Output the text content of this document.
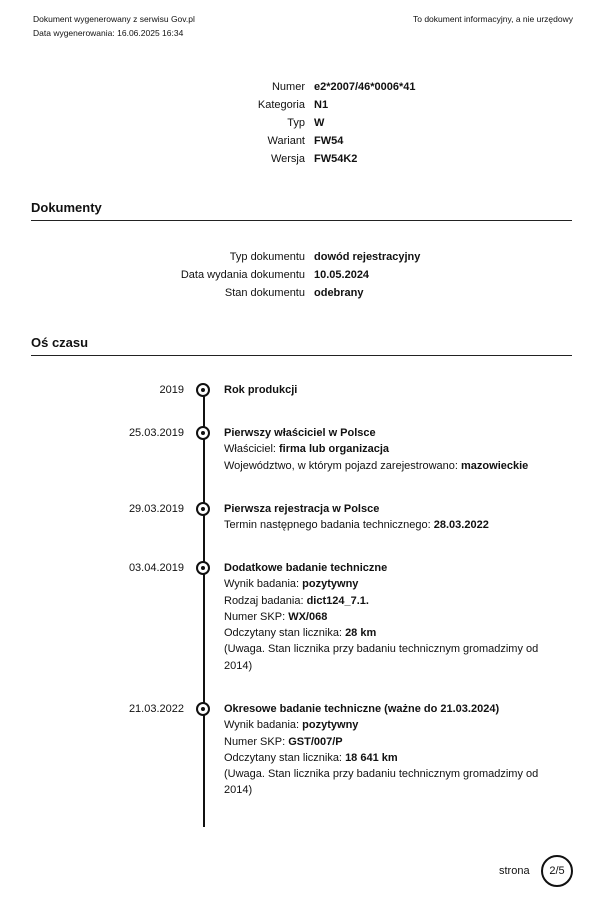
Dokument wygenerowany z serwisu Gov.pl
Data wygenerowania: 16.06.2025 16:34
To dokument informacyjny, a nie urzędowy
Numer e2*2007/46*0006*41
Kategoria N1
Typ W
Wariant FW54
Wersja FW54K2
Dokumenty
Typ dokumentu dowód rejestracyjny
Data wydania dokumentu 10.05.2024
Stan dokumentu odebrany
Oś czasu
2019	Rok produkcji
25.03.2019	Pierwszy właściciel w Polsce
Właściciel: firma lub organizacja
Województwo, w którym pojazd zarejestrowano: mazowieckie
29.03.2019	Pierwsza rejestracja w Polsce
Termin następnego badania technicznego: 28.03.2022
03.04.2019	Dodatkowe badanie techniczne
Wynik badania: pozytywny
Rodzaj badania: dict124_7.1.
Numer SKP: WX/068
Odczytany stan licznika: 28 km
(Uwaga. Stan licznika przy badaniu technicznym gromadzimy od 2014)
21.03.2022	Okresowe badanie techniczne (ważne do 21.03.2024)
Wynik badania: pozytywny
Numer SKP: GST/007/P
Odczytany stan licznika: 18 641 km
(Uwaga. Stan licznika przy badaniu technicznym gromadzimy od 2014)
strona	2/5
